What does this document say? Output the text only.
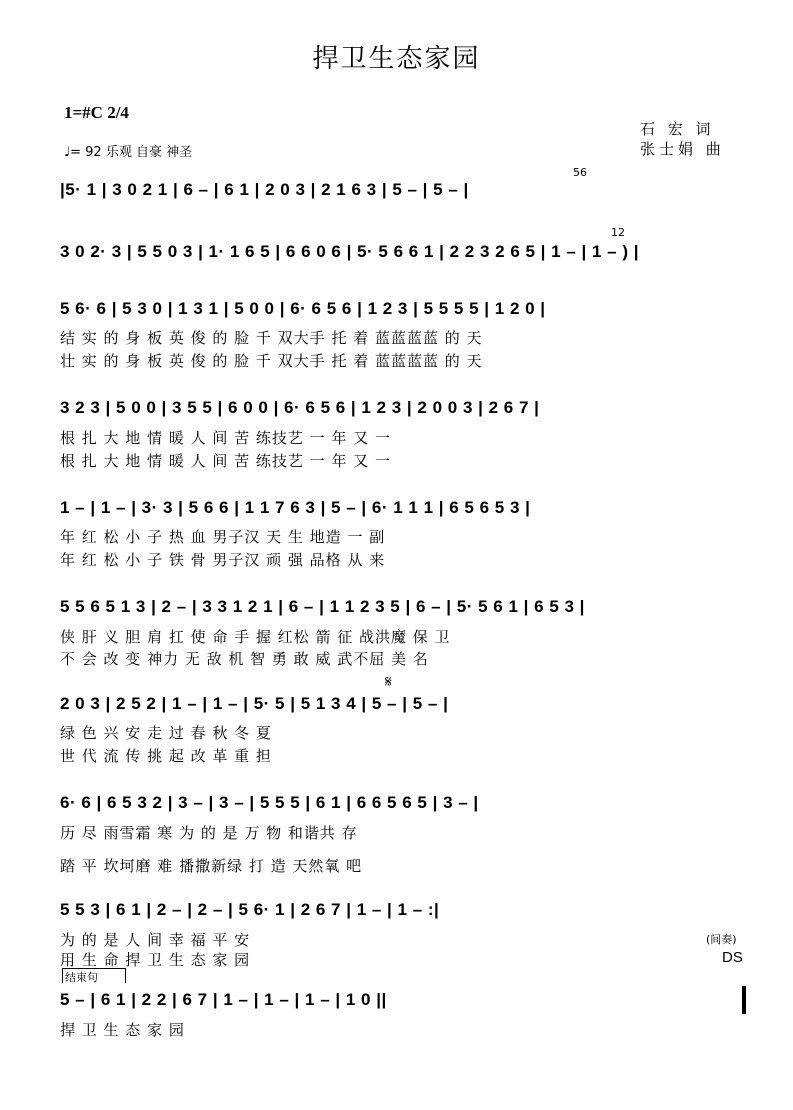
捍卫生态家园
1=#C 2/4
♩= 92 乐观 自豪 神圣
石 宏 词
张士娟 曲
|5· 1 | 3 0 2 1 | 6 – | 6 1 | 2 0 3 | 2 1 6 3 | 5 – | 5 – |
56
3 0 2· 3 | 5 5 0 3 | 1· 1 6 5 | 6 6 0 6 | 5· 5 6 6 1 | 2 2 3 2 6 5 | 1 – | 1 – ) |
12
5 6· 6 | 5 3 0 | 1 3 1 | 5 0 0 | 6· 6 5 6 | 1 2 3 | 5 5 5 5 | 1 2 0 |
结 实 的 身 板 英 俊 的 脸 千 双大手 托 着 蓝蓝蓝蓝 的 天
壮 实 的 身 板 英 俊 的 脸 千 双大手 托 着 蓝蓝蓝蓝 的 天
3 2 3 | 5 0 0 | 3 5 5 | 6 0 0 | 6· 6 5 6 | 1 2 3 | 2 0 0 3 | 2 6 7 |
根 扎 大 地 情 暖 人 间 苦 练技艺 一 年 又 一
根 扎 大 地 情 暖 人 间 苦 练技艺 一 年 又 一
1 – | 1 – | 3· 3 | 5 6 6 | 1 1 7 6 3 | 5 – | 6· 1 1 1 | 6 5 6 5 3 |
年 红 松 小 子 热 血 男子汉 天 生 地造 一 副
年 红 松 小 子 铁 骨 男子汉 顽 强 品格 从 来
5 5 6 5 1 3 | 2 – | 3 3 1 2 1 | 6 – | 1 1 2 3 5 | 6 – | 5· 5 6 1 | 6 5 3 |
侠 肝 义 胆 肩 扛 使 命 手 握 红松 箭 征 战洪魔 保 卫
不 会 改 变 神力 无 敌 机 智 勇 敢 威 武不屈 美 名
𝄋
2 0 3 | 2 5 2 | 1 – | 1 – | 5· 5 | 5 1 3 4 | 5 – | 5 – |
绿 色 兴 安 走 过 春 秋 冬 夏
世 代 流 传 挑 起 改 革 重 担
6· 6 | 6 5 3 2 | 3 – | 3 – | 5 5 5 | 6 1 | 6 6 5 6 5 | 3 – |
历 尽 雨雪霜 寒 为 的 是 万 物 和谐共 存
踏 平 坎坷磨 难 播撒新绿 打 造 天然氧 吧
5 5 3 | 6 1 | 2 – | 2 – | 5 6· 1 | 2 6 7 | 1 – | 1 – :|
为 的 是 人 间 幸 福 平 安
用 生 命 捍 卫 生 态 家 园
(间奏)
DS
结束句
5 – | 6 1 | 2 2 | 6 7 | 1 – | 1 – | 1 – | 1 0 ||
捍 卫 生 态 家 园
